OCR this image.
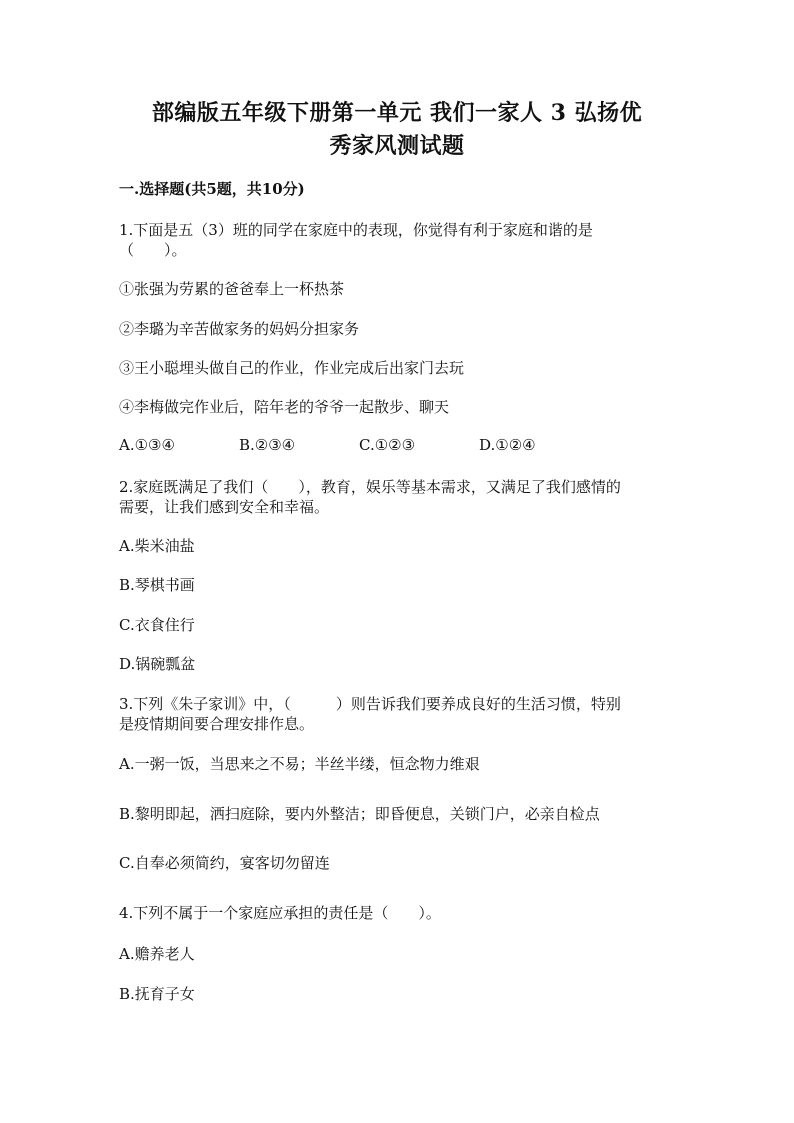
部编版五年级下册第一单元 我们一家人 3 弘扬优
秀家风测试题
一.选择题(共5题，共10分)
1.下面是五（3）班的同学在家庭中的表现，你觉得有利于家庭和谐的是
（　　）。
①张强为劳累的爸爸奉上一杯热茶
②李璐为辛苦做家务的妈妈分担家务
③王小聪埋头做自己的作业，作业完成后出家门去玩
④李梅做完作业后，陪年老的爷爷一起散步、聊天
A.①③④	B.②③④	C.①②③	D.①②④
2.家庭既满足了我们（　　），教育，娱乐等基本需求，又满足了我们感情的
需要，让我们感到安全和幸福。
A.柴米油盐
B.琴棋书画
C.衣食住行
D.锅碗瓢盆
3.下列《朱子家训》中，（　　　）则告诉我们要养成良好的生活习惯，特别
是疫情期间要合理安排作息。
A.一粥一饭，当思来之不易；半丝半缕，恒念物力维艰
B.黎明即起，洒扫庭除，要内外整洁；即昏便息，关锁门户，必亲自检点
C.自奉必须简约，宴客切勿留连
4.下列不属于一个家庭应承担的责任是（　　）。
A.赡养老人
B.抚育子女
